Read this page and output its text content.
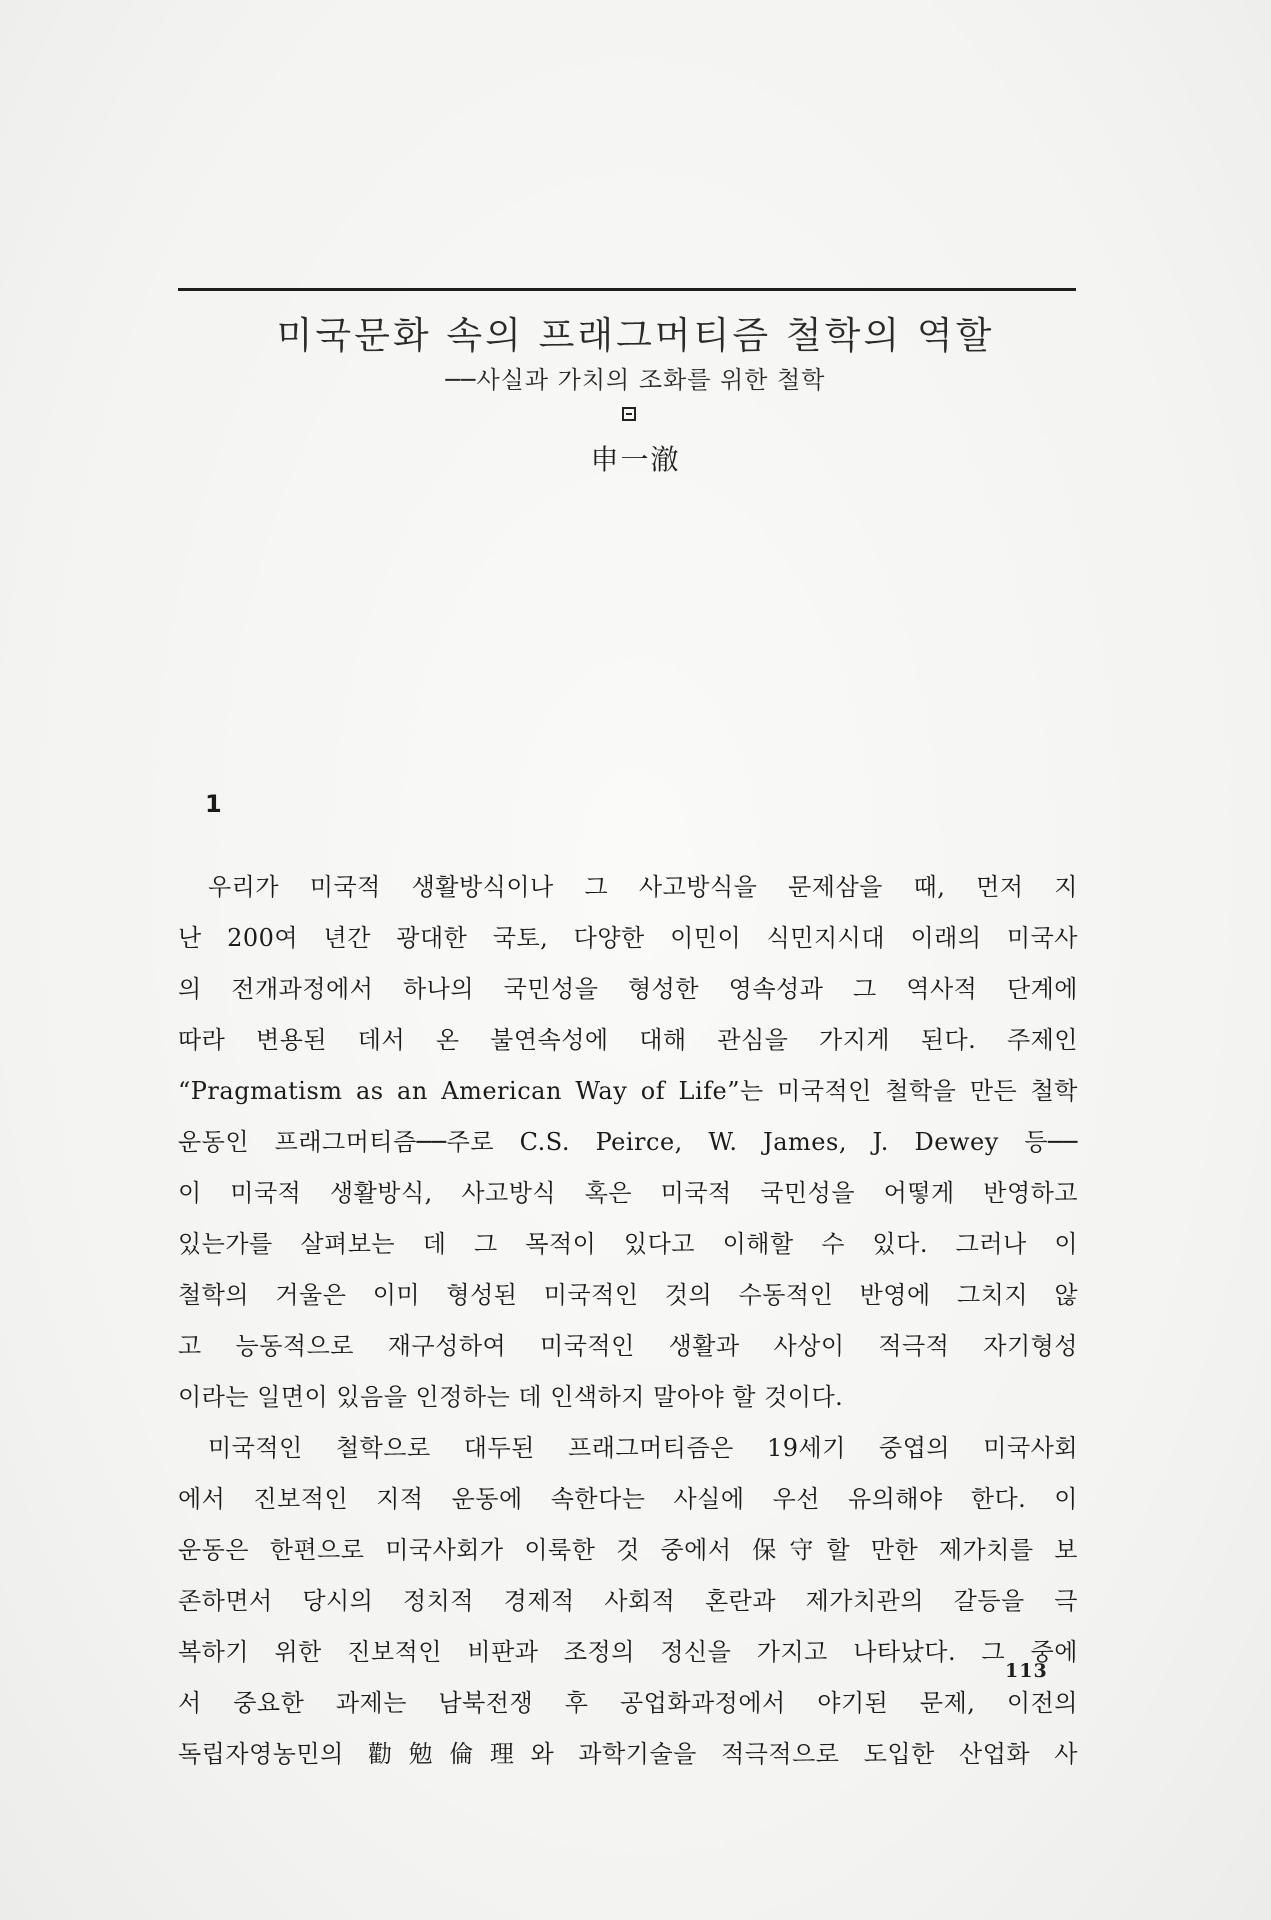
미국문화 속의 프래그머티즘 철학의 역할
──사실과 가치의 조화를 위한 철학
申一澈
1
우리가 미국적 생활방식이나 그 사고방식을 문제삼을 때, 먼저 지
난 200여 년간 광대한 국토, 다양한 이민이 식민지시대 이래의 미국사
의 전개과정에서 하나의 국민성을 형성한 영속성과 그 역사적 단계에
따라 변용된 데서 온 불연속성에 대해 관심을 가지게 된다. 주제인
“Pragmatism as an American Way of Life”는 미국적인 철학을 만든 철학
운동인 프래그머티즘──주로 C.S. Peirce, W. James, J. Dewey 등──
이 미국적 생활방식, 사고방식 혹은 미국적 국민성을 어떻게 반영하고
있는가를 살펴보는 데 그 목적이 있다고 이해할 수 있다. 그러나 이
철학의 거울은 이미 형성된 미국적인 것의 수동적인 반영에 그치지 않
고 능동적으로 재구성하여 미국적인 생활과 사상이 적극적 자기형성
이라는 일면이 있음을 인정하는 데 인색하지 말아야 할 것이다.
미국적인 철학으로 대두된 프래그머티즘은 19세기 중엽의 미국사회
에서 진보적인 지적 운동에 속한다는 사실에 우선 유의해야 한다. 이
운동은 한편으로 미국사회가 이룩한 것 중에서 保守할 만한 제가치를 보
존하면서 당시의 정치적 경제적 사회적 혼란과 제가치관의 갈등을 극
복하기 위한 진보적인 비판과 조정의 정신을 가지고 나타났다. 그 중에
서 중요한 과제는 남북전쟁 후 공업화과정에서 야기된 문제, 이전의
독립자영농민의 勸勉倫理와 과학기술을 적극적으로 도입한 산업화 사
113
